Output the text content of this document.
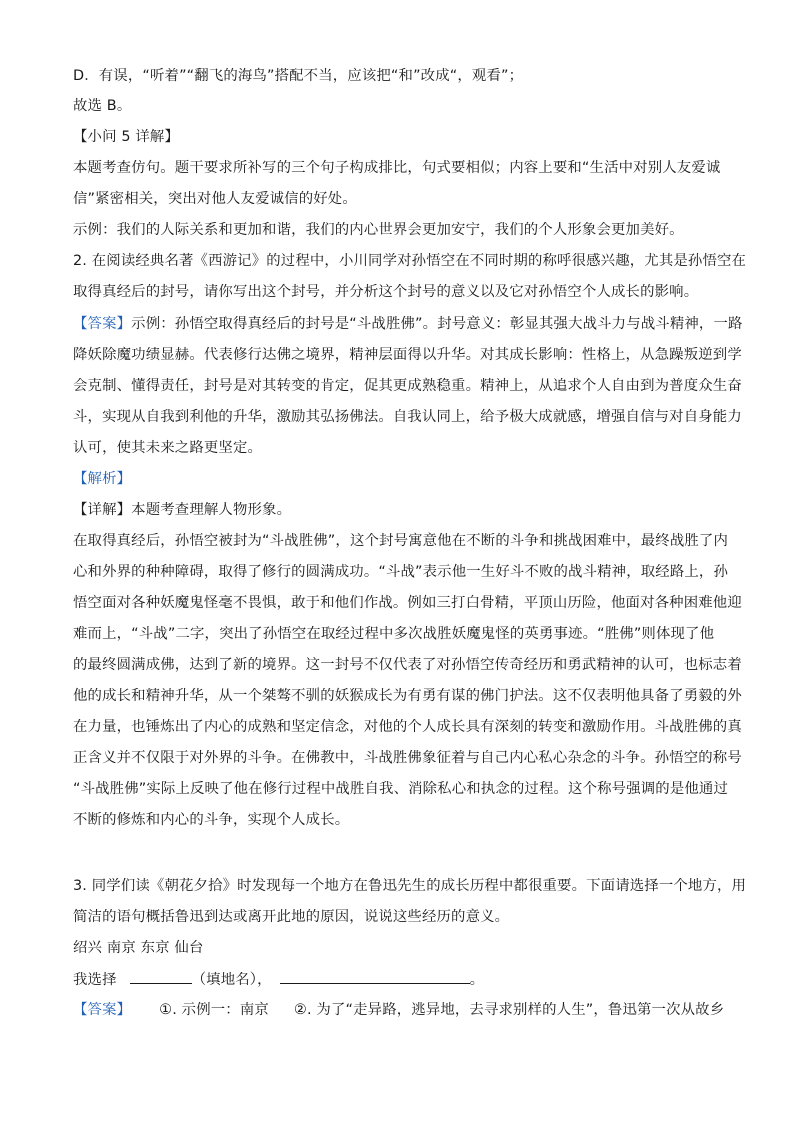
D．有误，“听着”“翻飞的海鸟”搭配不当，应该把“和”改成“，观看”；
故选 B。
【小问 5 详解】
本题考查仿句。题干要求所补写的三个句子构成排比，句式要相似；内容上要和“生活中对别人友爱诚
信”紧密相关，突出对他人友爱诚信的好处。
示例：我们的人际关系和更加和谐，我们的内心世界会更加安宁，我们的个人形象会更加美好。
2. 在阅读经典名著《西游记》的过程中，小川同学对孙悟空在不同时期的称呼很感兴趣，尤其是孙悟空在
取得真经后的封号，请你写出这个封号，并分析这个封号的意义以及它对孙悟空个人成长的影响。
【答案】示例：孙悟空取得真经后的封号是“斗战胜佛”。封号意义：彰显其强大战斗力与战斗精神，一路
降妖除魔功绩显赫。代表修行达佛之境界，精神层面得以升华。对其成长影响：性格上，从急躁叛逆到学
会克制、懂得责任，封号是对其转变的肯定，促其更成熟稳重。精神上，从追求个人自由到为普度众生奋
斗，实现从自我到利他的升华，激励其弘扬佛法。自我认同上，给予极大成就感，增强自信与对自身能力
认可，使其未来之路更坚定。
【解析】
【详解】本题考查理解人物形象。
在取得真经后，孙悟空被封为“斗战胜佛”，这个封号寓意他在不断的斗争和挑战困难中，最终战胜了内
心和外界的种种障碍，取得了修行的圆满成功。“斗战”表示他一生好斗不败的战斗精神，取经路上，孙
悟空面对各种妖魔鬼怪毫不畏惧，敢于和他们作战。例如三打白骨精，平顶山历险，他面对各种困难他迎
难而上，“斗战”二字，突出了孙悟空在取经过程中多次战胜妖魔鬼怪的英勇事迹。“胜佛”则体现了他
的最终圆满成佛，达到了新的境界。这一封号不仅代表了对孙悟空传奇经历和勇武精神的认可，也标志着
他的成长和精神升华，从一个桀骜不驯的妖猴成长为有勇有谋的佛门护法。这不仅表明他具备了勇毅的外
在力量，也锤炼出了内心的成熟和坚定信念，对他的个人成长具有深刻的转变和激励作用。斗战胜佛的真
正含义并不仅限于对外界的斗争。在佛教中，斗战胜佛象征着与自己内心私心杂念的斗争。孙悟空的称号
“斗战胜佛”实际上反映了他在修行过程中战胜自我、消除私心和执念的过程。这个称号强调的是他通过
不断的修炼和内心的斗争，实现个人成长。
3. 同学们读《朝花夕拾》时发现每一个地方在鲁迅先生的成长历程中都很重要。下面请选择一个地方，用
简洁的语句概括鲁迅到达或离开此地的原因，说说这些经历的意义。
绍兴 南京 东京 仙台
我选择	（填地名），	。
【答案】 ①. 示例一：南京 ②. 为了“走异路，逃异地，去寻求别样的人生”，鲁迅第一次从故乡
